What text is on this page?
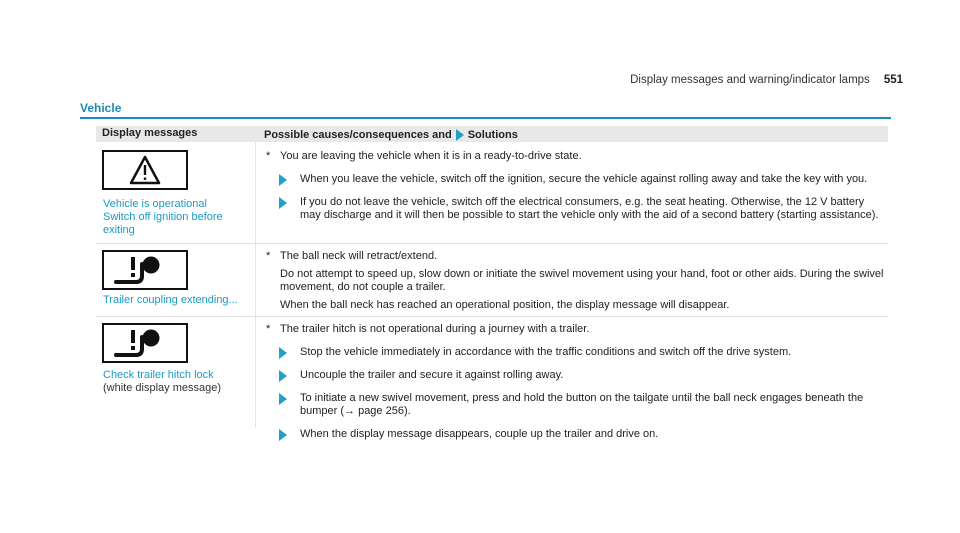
Display messages and warning/indicator lamps 551
Vehicle
Display messages	Possible causes/consequences and Solutions
Vehicle is operational
Switch off ignition before
exiting
* You are leaving the vehicle when it is in a ready-to-drive state.
When you leave the vehicle, switch off the ignition, secure the vehicle against rolling away and take the key with you.
If you do not leave the vehicle, switch off the electrical consumers, e.g. the seat heating. Otherwise, the 12 V battery may discharge and it will then be possible to start the vehicle only with the aid of a second battery (starting assistance).
Trailer coupling extending...
* The ball neck will retract/extend.

Do not attempt to speed up, slow down or initiate the swivel movement using your hand, foot or other aids. During the swivel movement, do not couple a trailer.

When the ball neck has reached an operational position, the display message will disappear.

Check trailer hitch lock
(white display message)
* The trailer hitch is not operational during a journey with a trailer.
Stop the vehicle immediately in accordance with the traffic conditions and switch off the drive system.
Uncouple the trailer and secure it against rolling away.
To initiate a new swivel movement, press and hold the button on the tailgate until the ball neck engages beneath the bumper (→ page 256).
When the display message disappears, couple up the trailer and drive on.
